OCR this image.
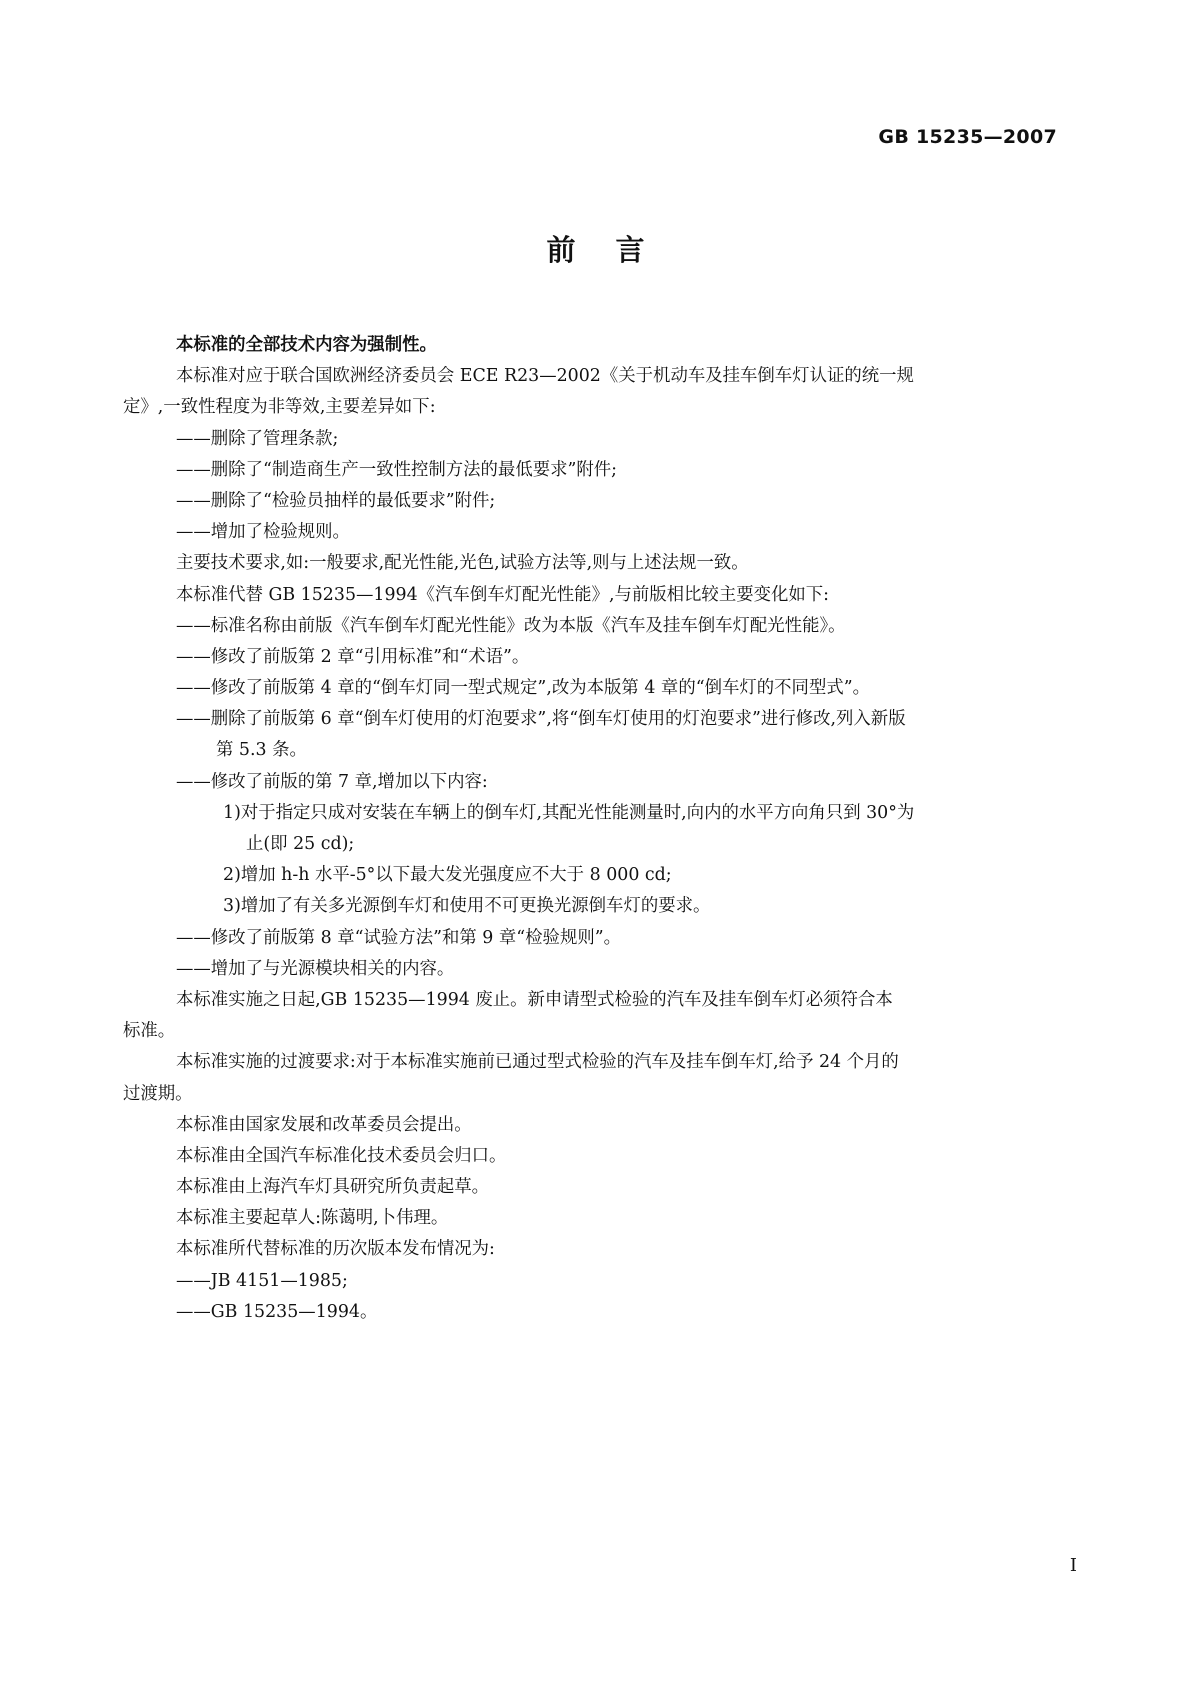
GB 15235—2007
前言
本标准的全部技术内容为强制性。
本标准对应于联合国欧洲经济委员会 ECE R23—2002《关于机动车及挂车倒车灯认证的统一规
定》,一致性程度为非等效,主要差异如下:
——删除了管理条款;
——删除了“制造商生产一致性控制方法的最低要求”附件;
——删除了“检验员抽样的最低要求”附件;
——增加了检验规则。
主要技术要求,如:一般要求,配光性能,光色,试验方法等,则与上述法规一致。
本标准代替 GB 15235—1994《汽车倒车灯配光性能》,与前版相比较主要变化如下:
——标准名称由前版《汽车倒车灯配光性能》改为本版《汽车及挂车倒车灯配光性能》。
——修改了前版第 2 章“引用标准”和“术语”。
——修改了前版第 4 章的“倒车灯同一型式规定”,改为本版第 4 章的“倒车灯的不同型式”。
——删除了前版第 6 章“倒车灯使用的灯泡要求”,将“倒车灯使用的灯泡要求”进行修改,列入新版
第 5.3 条。
——修改了前版的第 7 章,增加以下内容:
1)对于指定只成对安装在车辆上的倒车灯,其配光性能测量时,向内的水平方向角只到 30°为
止(即 25 cd);
2)增加 h-h 水平-5°以下最大发光强度应不大于 8 000 cd;
3)增加了有关多光源倒车灯和使用不可更换光源倒车灯的要求。
——修改了前版第 8 章“试验方法”和第 9 章“检验规则”。
——增加了与光源模块相关的内容。
本标准实施之日起,GB 15235—1994 废止。新申请型式检验的汽车及挂车倒车灯必须符合本
标准。
本标准实施的过渡要求:对于本标准实施前已通过型式检验的汽车及挂车倒车灯,给予 24 个月的
过渡期。
本标准由国家发展和改革委员会提出。
本标准由全国汽车标准化技术委员会归口。
本标准由上海汽车灯具研究所负责起草。
本标准主要起草人:陈蔼明,卜伟理。
本标准所代替标准的历次版本发布情况为:
——JB 4151—1985;
——GB 15235—1994。
I
